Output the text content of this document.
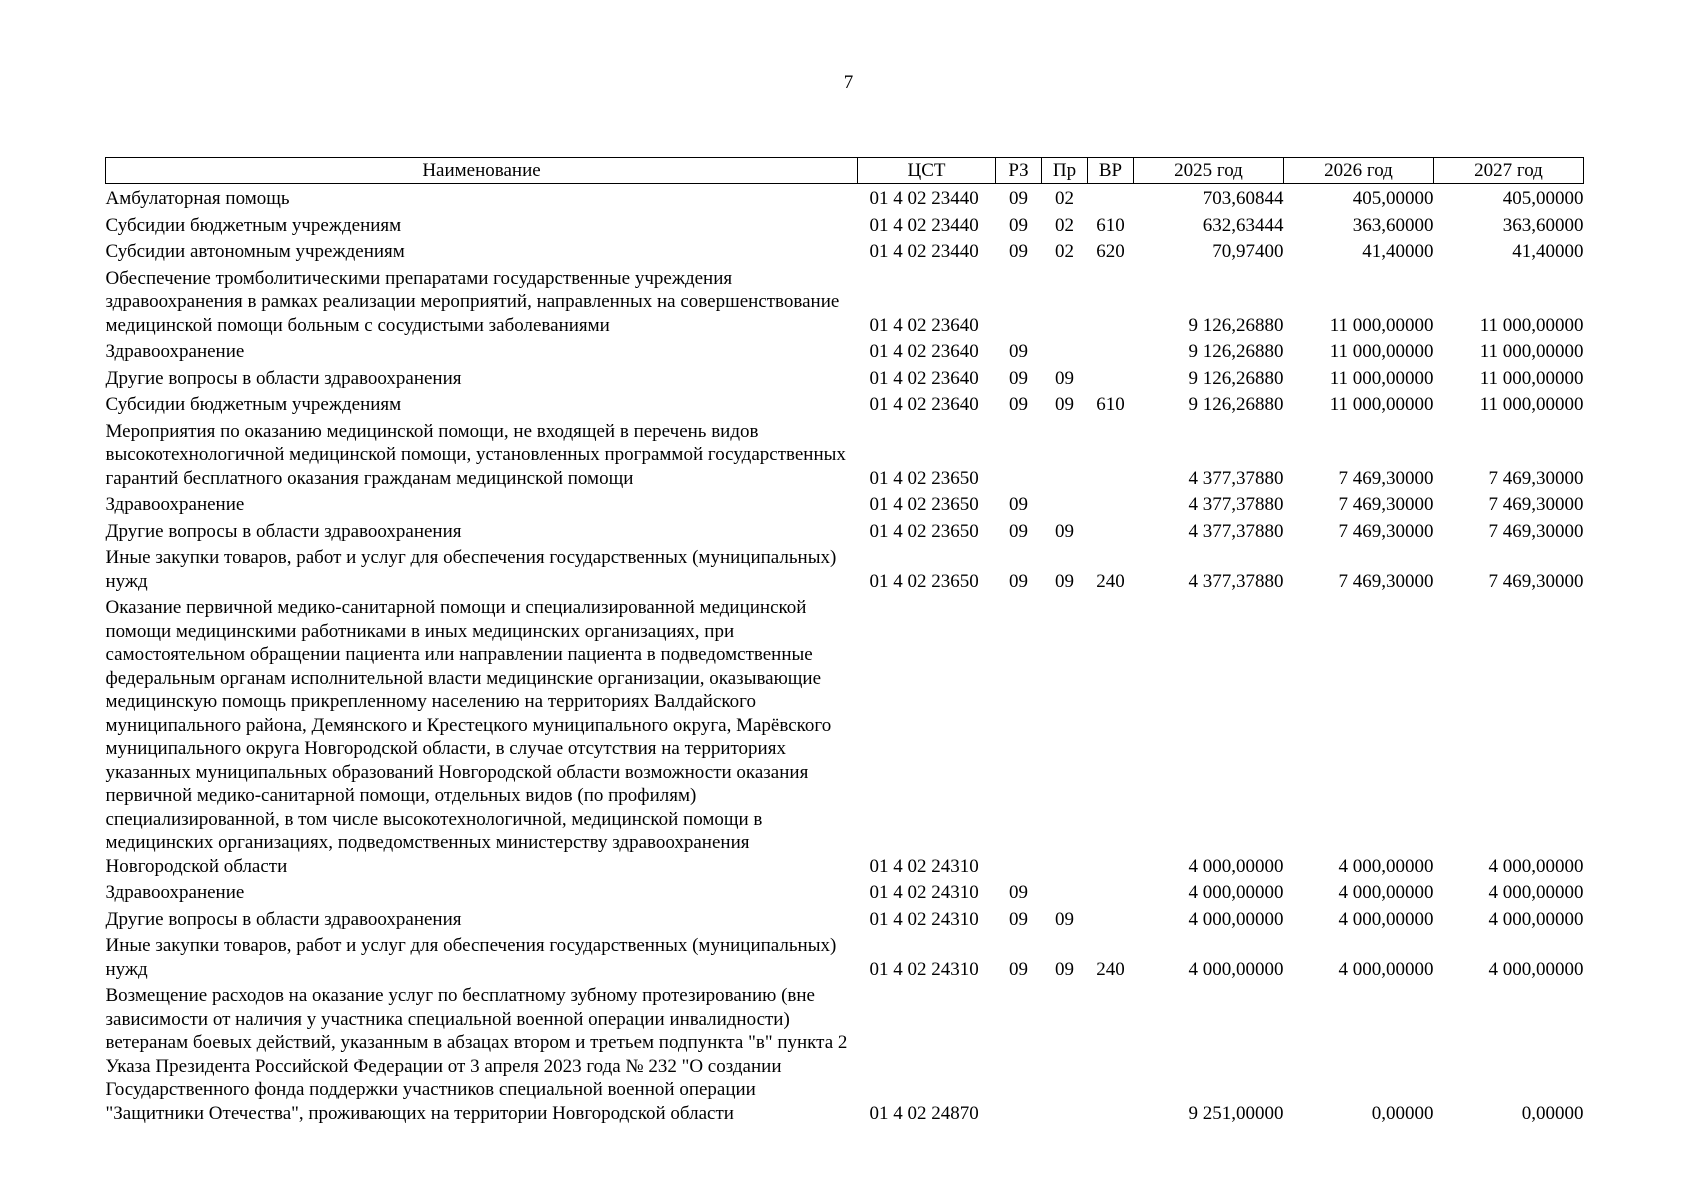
7
Наименование	ЦСТ	РЗ	Пр	ВР	2025 год	2026 год	2027 год
Амбулаторная помощь	01 4 02 23440	09	02		703,60844	405,00000	405,00000
Субсидии бюджетным учреждениям	01 4 02 23440	09	02	610	632,63444	363,60000	363,60000
Субсидии автономным учреждениям	01 4 02 23440	09	02	620	70,97400	41,40000	41,40000
Обеспечение тромболитическими препаратами государственные учреждения здравоохранения в рамках реализации мероприятий, направленных на совершенствование медицинской помощи больным с сосудистыми заболеваниями	01 4 02 23640				9 126,26880	11 000,00000	11 000,00000
Здравоохранение	01 4 02 23640	09			9 126,26880	11 000,00000	11 000,00000
Другие вопросы в области здравоохранения	01 4 02 23640	09	09		9 126,26880	11 000,00000	11 000,00000
Субсидии бюджетным учреждениям	01 4 02 23640	09	09	610	9 126,26880	11 000,00000	11 000,00000
Мероприятия по оказанию медицинской помощи, не входящей в перечень видов высокотехнологичной медицинской помощи, установленных программой государственных гарантий бесплатного оказания гражданам медицинской помощи	01 4 02 23650				4 377,37880	7 469,30000	7 469,30000
Здравоохранение	01 4 02 23650	09			4 377,37880	7 469,30000	7 469,30000
Другие вопросы в области здравоохранения	01 4 02 23650	09	09		4 377,37880	7 469,30000	7 469,30000
Иные закупки товаров, работ и услуг для обеспечения государственных (муниципальных) нужд	01 4 02 23650	09	09	240	4 377,37880	7 469,30000	7 469,30000
Оказание первичной медико-санитарной помощи и специализированной медицинской помощи медицинскими работниками в иных медицинских организациях, при самостоятельном обращении пациента или направлении пациента в подведомственные федеральным органам исполнительной власти медицинские организации, оказывающие медицинскую помощь прикрепленному населению на территориях Валдайского муниципального района, Демянского и Крестецкого муниципального округа, Марёвского муниципального округа Новгородской области, в случае отсутствия на территориях указанных муниципальных образований Новгородской области возможности оказания первичной медико-санитарной помощи, отдельных видов (по профилям) специализированной, в том числе высокотехнологичной, медицинской помощи в медицинских организациях, подведомственных министерству здравоохранения Новгородской области	01 4 02 24310				4 000,00000	4 000,00000	4 000,00000
Здравоохранение	01 4 02 24310	09			4 000,00000	4 000,00000	4 000,00000
Другие вопросы в области здравоохранения	01 4 02 24310	09	09		4 000,00000	4 000,00000	4 000,00000
Иные закупки товаров, работ и услуг для обеспечения государственных (муниципальных) нужд	01 4 02 24310	09	09	240	4 000,00000	4 000,00000	4 000,00000
Возмещение расходов на оказание услуг по бесплатному зубному протезированию (вне зависимости от наличия у участника специальной военной операции инвалидности) ветеранам боевых действий, указанным в абзацах втором и третьем подпункта "в" пункта 2 Указа Президента Российской Федерации от 3 апреля 2023 года № 232 "О создании Государственного фонда поддержки участников специальной военной операции "Защитники Отечества", проживающих на территории Новгородской области	01 4 02 24870				9 251,00000	0,00000	0,00000
